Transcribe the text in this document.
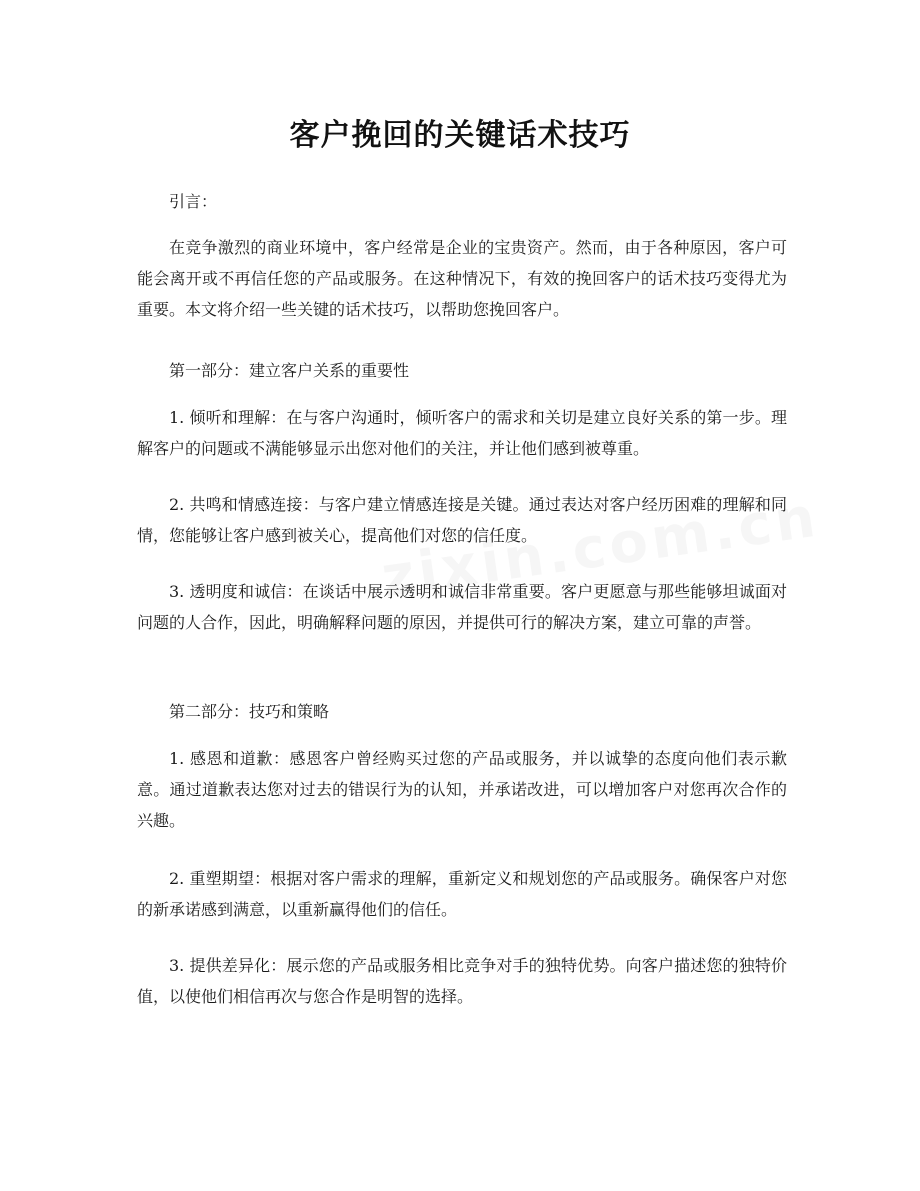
客户挽回的关键话术技巧

引言：

在竞争激烈的商业环境中，客户经常是企业的宝贵资产。然而，由于各种原因，客户可能会离开或不再信任您的产品或服务。在这种情况下，有效的挽回客户的话术技巧变得尤为重要。本文将介绍一些关键的话术技巧，以帮助您挽回客户。

第一部分：建立客户关系的重要性

1. 倾听和理解：在与客户沟通时，倾听客户的需求和关切是建立良好关系的第一步。理解客户的问题或不满能够显示出您对他们的关注，并让他们感到被尊重。

2. 共鸣和情感连接：与客户建立情感连接是关键。通过表达对客户经历困难的理解和同情，您能够让客户感到被关心，提高他们对您的信任度。

3. 透明度和诚信：在谈话中展示透明和诚信非常重要。客户更愿意与那些能够坦诚面对问题的人合作，因此，明确解释问题的原因，并提供可行的解决方案，建立可靠的声誉。

第二部分：技巧和策略

1. 感恩和道歉：感恩客户曾经购买过您的产品或服务，并以诚挚的态度向他们表示歉意。通过道歉表达您对过去的错误行为的认知，并承诺改进，可以增加客户对您再次合作的兴趣。

2. 重塑期望：根据对客户需求的理解，重新定义和规划您的产品或服务。确保客户对您的新承诺感到满意，以重新赢得他们的信任。

3. 提供差异化：展示您的产品或服务相比竞争对手的独特优势。向客户描述您的独特价值，以使他们相信再次与您合作是明智的选择。
